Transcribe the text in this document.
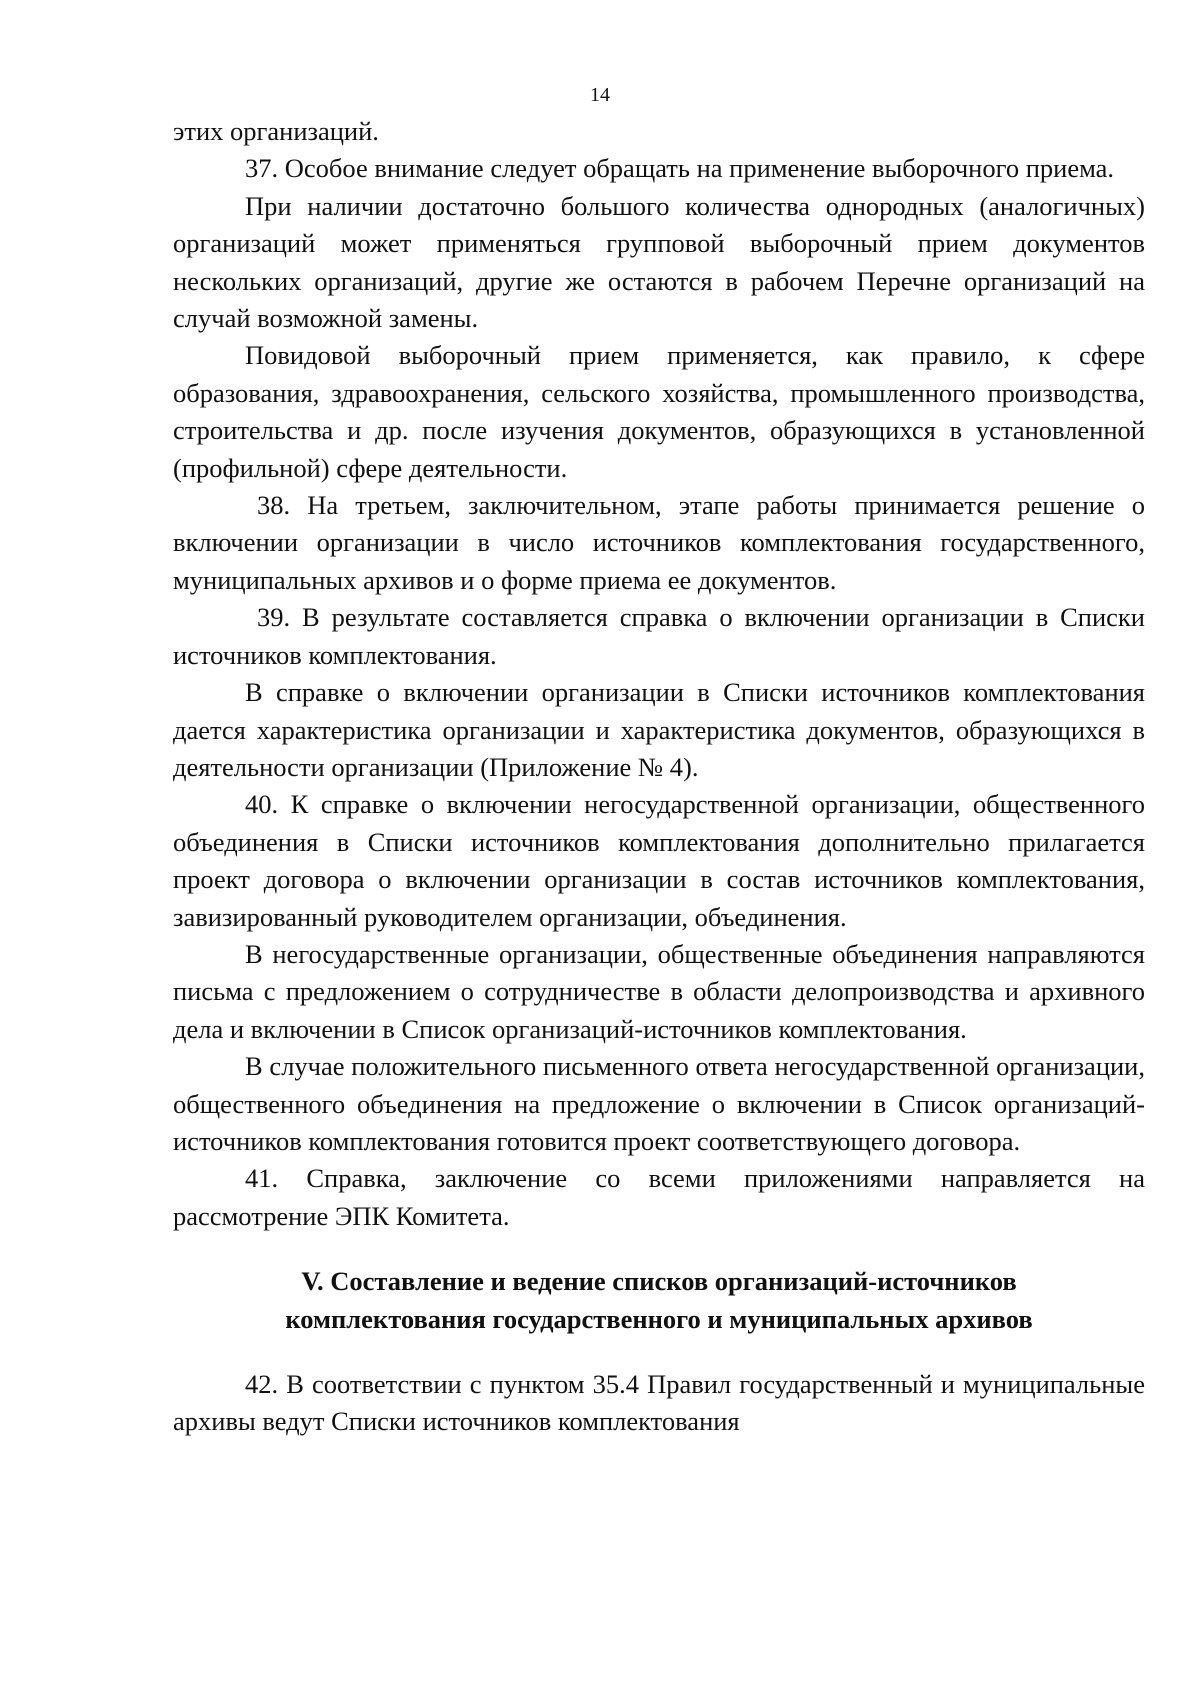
14

этих организаций.

37. Особое внимание следует обращать на применение выборочного приема.

При наличии достаточно большого количества однородных (аналогичных) организаций может применяться групповой выборочный прием документов нескольких организаций, другие же остаются в рабочем Перечне организаций на случай возможной замены.

Повидовой выборочный прием применяется, как правило, к сфере образования, здравоохранения, сельского хозяйства, промышленного производства, строительства и др. после изучения документов, образующихся в установленной (профильной) сфере деятельности.

38. На третьем, заключительном, этапе работы принимается решение о включении организации в число источников комплектования государственного, муниципальных архивов и о форме приема ее документов.

39. В результате составляется справка о включении организации в Списки источников комплектования.

В справке о включении организации в Списки источников комплектования дается характеристика организации и характеристика документов, образующихся в деятельности организации (Приложение № 4).

40. К справке о включении негосударственной организации, общественного объединения в Списки источников комплектования дополнительно прилагается проект договора о включении организации в состав источников комплектования, завизированный руководителем организации, объединения.

В негосударственные организации, общественные объединения направляются письма с предложением о сотрудничестве в области делопроизводства и архивного дела и включении в Список организаций-источников комплектования.

В случае положительного письменного ответа негосударственной организации, общественного объединения на предложение о включении в Список организаций-источников комплектования готовится проект соответствующего договора.

41. Справка, заключение со всеми приложениями направляется на рассмотрение ЭПК Комитета.

V. Составление и ведение списков организаций-источников
комплектования государственного и муниципальных архивов

42. В соответствии с пунктом 35.4 Правил государственный и муниципальные архивы ведут Списки источников комплектования
